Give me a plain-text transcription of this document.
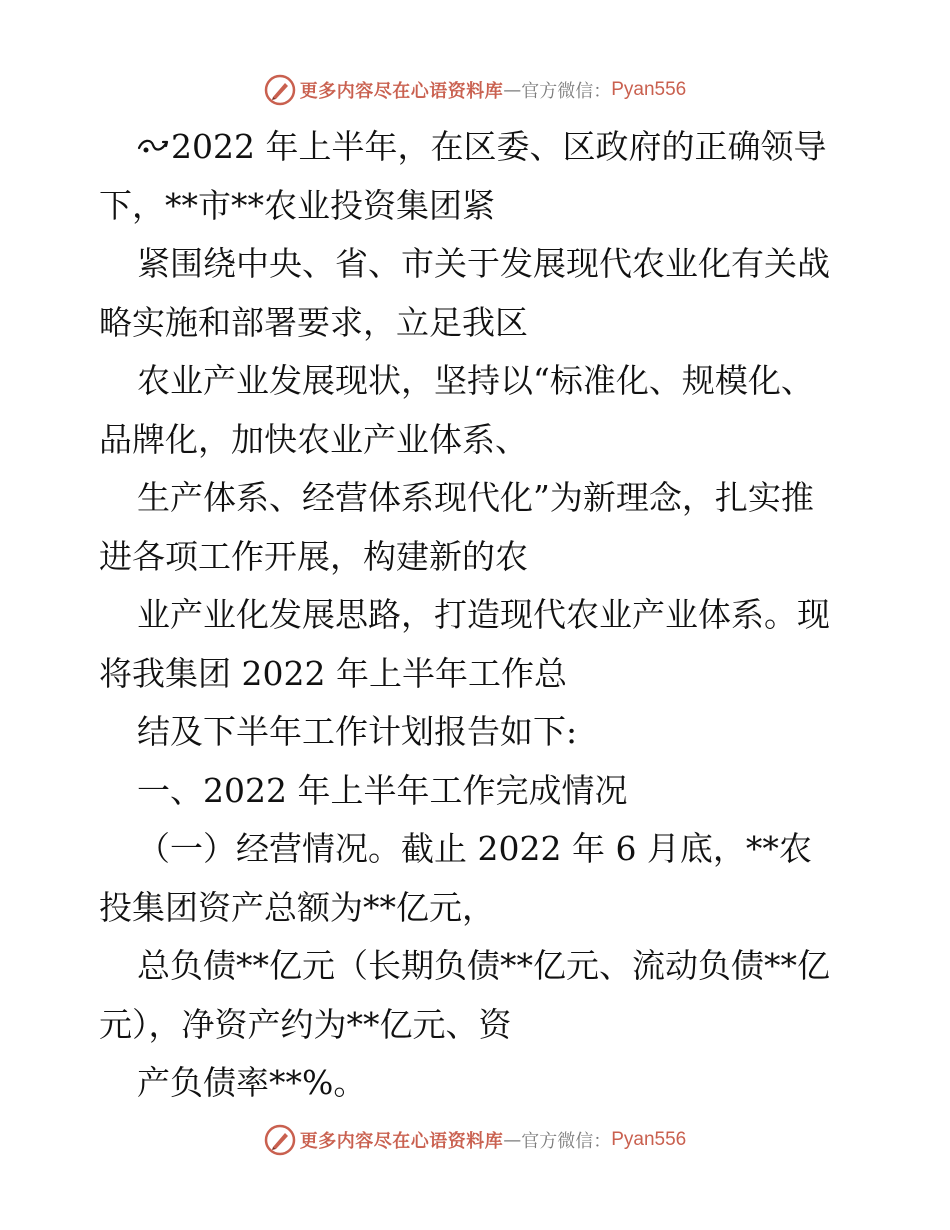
更多内容尽在心语资料库 — 官方微信： Pyan556
2022 年上半年，在区委、区政府的正确领导
下，**市**农业投资集团紧
紧围绕中央、省、市关于发展现代农业化有关战
略实施和部署要求，立足我区
农业产业发展现状，坚持以“标准化、规模化、
品牌化，加快农业产业体系、
生产体系、经营体系现代化”为新理念，扎实推
进各项工作开展，构建新的农
业产业化发展思路，打造现代农业产业体系。现
将我集团 2022 年上半年工作总
结及下半年工作计划报告如下:
一、2022 年上半年工作完成情况
（一）经营情况。截止 2022 年 6 月底，**农
投集团资产总额为**亿元，
总负债**亿元（长期负债**亿元、流动负债**亿
元），净资产约为**亿元、资
产负债率**%。
更多内容尽在心语资料库 — 官方微信： Pyan556
